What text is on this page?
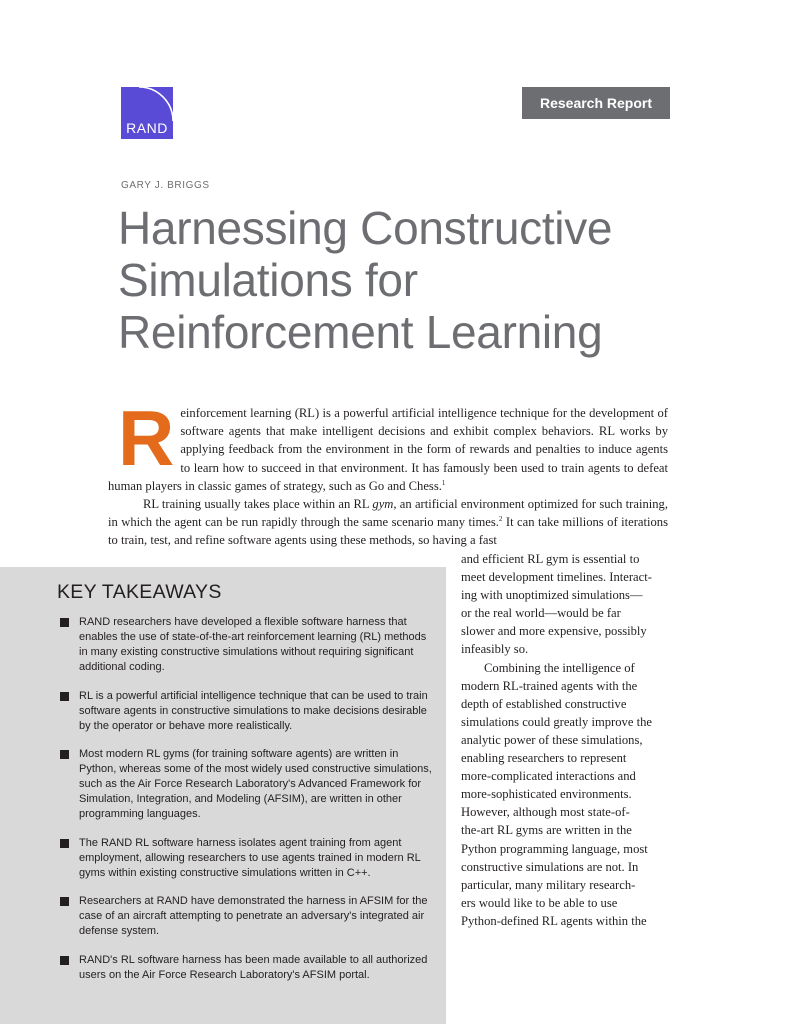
RAND
Research Report
GARY J. BRIGGS
Harnessing Constructive
Simulations for
Reinforcement Learning

Reinforcement learning (RL) is a powerful artificial intelligence technique for the development of software agents that make intelligent decisions and exhibit complex behaviors. RL works by applying feedback from the environment in the form of rewards and penalties to induce agents to learn how to succeed in that environment. It has famously been used to train agents to defeat human players in classic games of strategy, such as Go and Chess.$^1$

RL training usually takes place within an RL gym, an artificial environment optimized for such training, in which the agent can be run rapidly through the same scenario many times.$^2$ It can take millions of iterations to train, test, and refine software agents using these methods, so having a fast

KEY TAKEAWAYS
RAND researchers have developed a flexible software harness that enables the use of state-of-the-art reinforcement learning (RL) methods in many existing constructive simulations without requiring significant additional coding.
RL is a powerful artificial intelligence technique that can be used to train software agents in constructive simulations to make decisions desirable by the operator or behave more realistically.
Most modern RL gyms (for training software agents) are written in Python, whereas some of the most widely used constructive simulations, such as the Air Force Research Laboratory's Advanced Framework for Simulation, Integration, and Modeling (AFSIM), are written in other programming languages.
The RAND RL software harness isolates agent training from agent employment, allowing researchers to use agents trained in modern RL gyms within existing constructive simulations written in C++.
Researchers at RAND have demonstrated the harness in AFSIM for the case of an aircraft attempting to penetrate an adversary's integrated air defense system.
RAND's RL software harness has been made available to all authorized users on the Air Force Research Laboratory's AFSIM portal.

and efficient RL gym is essential to
meet development timelines. Interact-
ing with unoptimized simulations—
or the real world—would be far
slower and more expensive, possibly
infeasibly so.

Combining the intelligence of
modern RL-trained agents with the
depth of established constructive
simulations could greatly improve the
analytic power of these simulations,
enabling researchers to represent
more-complicated interactions and
more-sophisticated environments.
However, although most state-of-
the-art RL gyms are written in the
Python programming language, most
constructive simulations are not. In
particular, many military research-
ers would like to be able to use
Python-defined RL agents within the
